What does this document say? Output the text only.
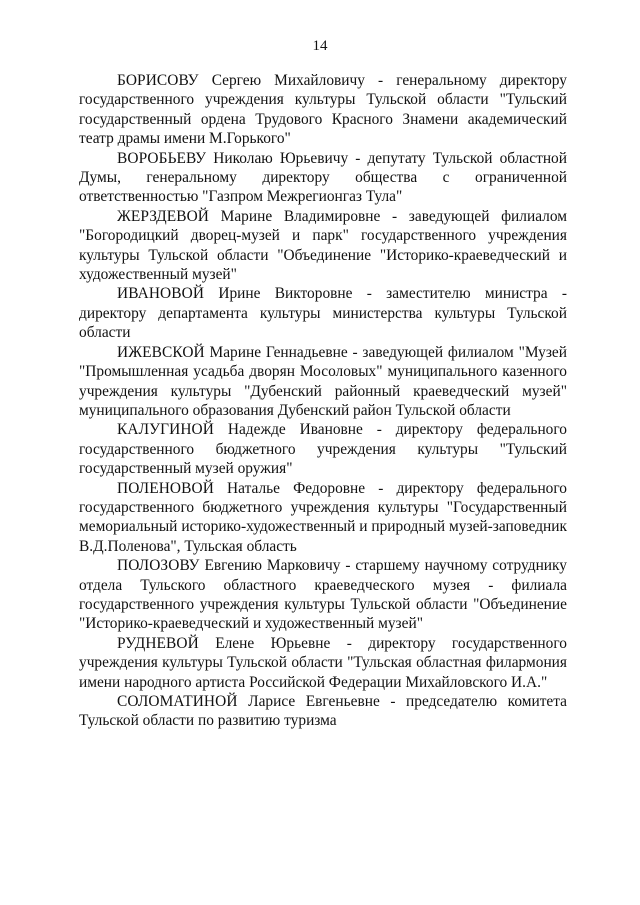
14

БОРИСОВУ Сергею Михайловичу - генеральному директору государственного учреждения культуры Тульской области "Тульский государственный ордена Трудового Красного Знамени академический театр драмы имени М.Горького"

ВОРОБЬЕВУ Николаю Юрьевичу - депутату Тульской областной Думы, генеральному директору общества с ограниченной ответственностью "Газпром Межрегионгаз Тула"

ЖЕРЗДЕВОЙ Марине Владимировне - заведующей филиалом "Богородицкий дворец-музей и парк" государственного учреждения культуры Тульской области "Объединение "Историко-краеведческий и художественный музей"

ИВАНОВОЙ Ирине Викторовне - заместителю министра - директору департамента культуры министерства культуры Тульской области

ИЖЕВСКОЙ Марине Геннадьевне - заведующей филиалом "Музей "Промышленная усадьба дворян Мосоловых" муниципального казенного учреждения культуры "Дубенский районный краеведческий музей" муниципального образования Дубенский район Тульской области

КАЛУГИНОЙ Надежде Ивановне - директору федерального государственного бюджетного учреждения культуры "Тульский государственный музей оружия"

ПОЛЕНОВОЙ Наталье Федоровне - директору федерального государственного бюджетного учреждения культуры "Государственный мемориальный историко-художественный и природный музей-заповедник В.Д.Поленова", Тульская область

ПОЛОЗОВУ Евгению Марковичу - старшему научному сотруднику отдела Тульского областного краеведческого музея - филиала государственного учреждения культуры Тульской области "Объединение "Историко-краеведческий и художественный музей"

РУДНЕВОЙ Елене Юрьевне - директору государственного учреждения культуры Тульской области "Тульская областная филармония имени народного артиста Российской Федерации Михайловского И.А."

СОЛОМАТИНОЙ Ларисе Евгеньевне - председателю комитета Тульской области по развитию туризма
